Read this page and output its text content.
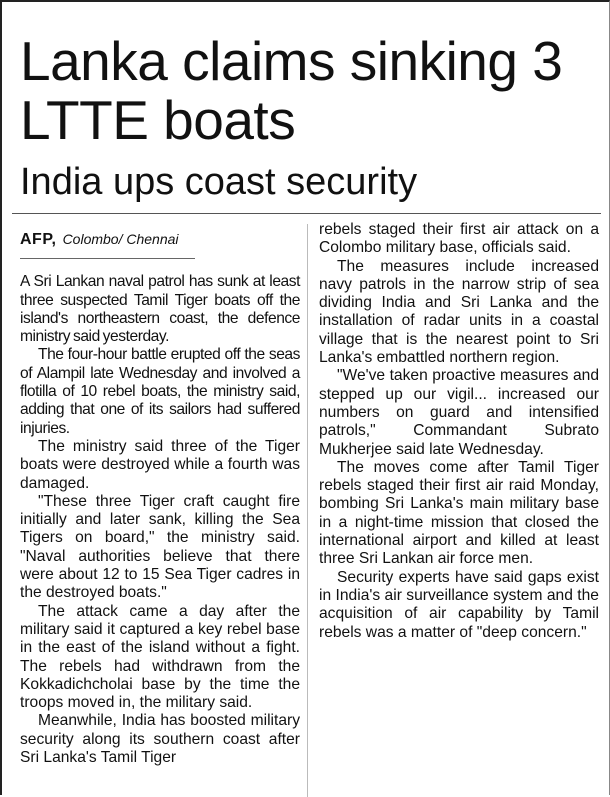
Lanka claims sinking 3 LTTE boats
India ups coast security
AFP, Colombo/ Chennai

A Sri Lankan naval patrol has sunk at least three suspected Tamil Tiger boats off the island's northeastern coast, the defence ministry said yesterday.

The four-hour battle erupted off the seas of Alampil late Wednesday and involved a flotilla of 10 rebel boats, the ministry said, adding that one of its sailors had suffered injuries.

The ministry said three of the Tiger boats were destroyed while a fourth was damaged.

"These three Tiger craft caught fire initially and later sank, killing the Sea Tigers on board," the ministry said. "Naval authorities believe that there were about 12 to 15 Sea Tiger cadres in the destroyed boats."

The attack came a day after the military said it captured a key rebel base in the east of the island without a fight. The rebels had withdrawn from the Kokkadichcholai base by the time the troops moved in, the military said.

Meanwhile, India has boosted military security along its southern coast after Sri Lanka's Tamil Tiger

rebels staged their first air attack on a Colombo military base, officials said.

The measures include increased navy patrols in the narrow strip of sea dividing India and Sri Lanka and the installation of radar units in a coastal village that is the nearest point to Sri Lanka's embattled northern region.

"We've taken proactive measures and stepped up our vigil... increased our numbers on guard and intensified patrols," Commandant Subrato Mukherjee said late Wednesday.

The moves come after Tamil Tiger rebels staged their first air raid Monday, bombing Sri Lanka's main military base in a night-time mission that closed the international airport and killed at least three Sri Lankan air force men.

Security experts have said gaps exist in India's air surveillance system and the acquisition of air capability by Tamil rebels was a matter of "deep concern."
